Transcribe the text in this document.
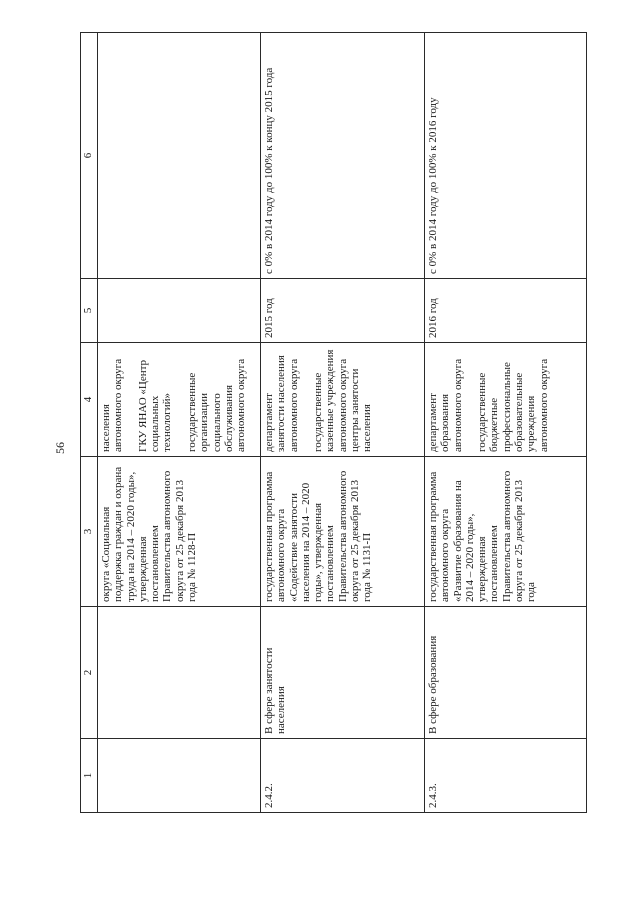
56
1	2	3	4	5	6
		округа «Социальная поддержка граждан и охрана труда на 2014 – 2020 годы», утвержденная постановлением Правительства автономного округа от 25 декабря 2013 года № 1128-П	населения автономного округа ГКУ ЯНАО «Центр социальных технологий» государственные организации социального обслуживания автономного округа		

2.4.2.	В сфере занятости населения	государственная программа автономного округа «Содействие занятости населения на 2014 – 2020 годы», утвержденная постановлением Правительства автономного округа от 25 декабря 2013 года № 1131-П	департамент занятости населения автономного округа государственные казенные учреждения автономного округа центры занятости населения	2015 год	с 0% в 2014 году до 100% к концу 2015 года
2.4.3.	В сфере образования	государственная программа автономного округа «Развитие образования на 2014 – 2020 годы», утвержденная постановлением Правительства автономного округа от 25 декабря 2013 года	департамент образования автономного округа государственные бюджетные профессиональные образовательные учреждения автономного округа	2016 год	с 0% в 2014 году до 100% к 2016 году
